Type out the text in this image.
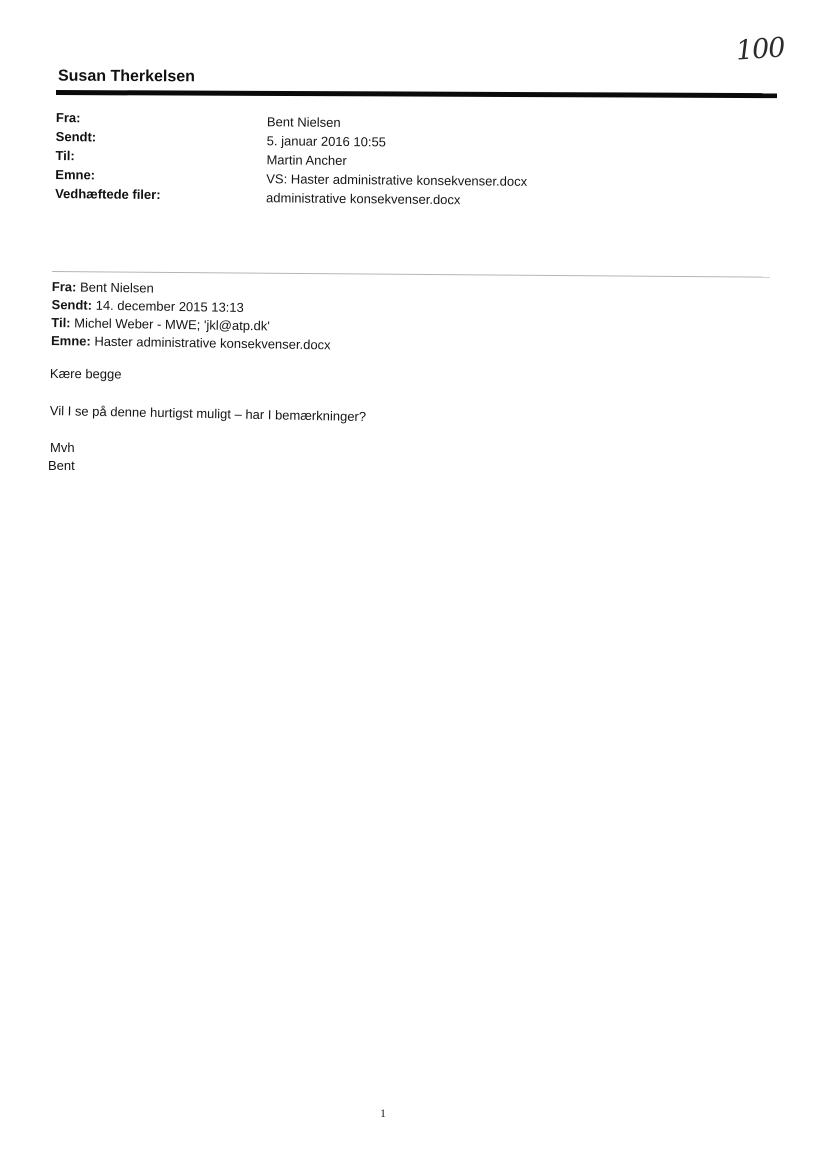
100
Susan Therkelsen
Fra:	Bent Nielsen
Sendt:	5. januar 2016 10:55
Til:	Martin Ancher
Emne:	VS: Haster administrative konsekvenser.docx
Vedhæftede filer:	administrative konsekvenser.docx
Fra: Bent Nielsen
Sendt: 14. december 2015 13:13
Til: Michel Weber - MWE; 'jkl@atp.dk'
Emne: Haster administrative konsekvenser.docx
Kære begge
Vil I se på denne hurtigst muligt – har I bemærkninger?
Mvh
Bent
1
